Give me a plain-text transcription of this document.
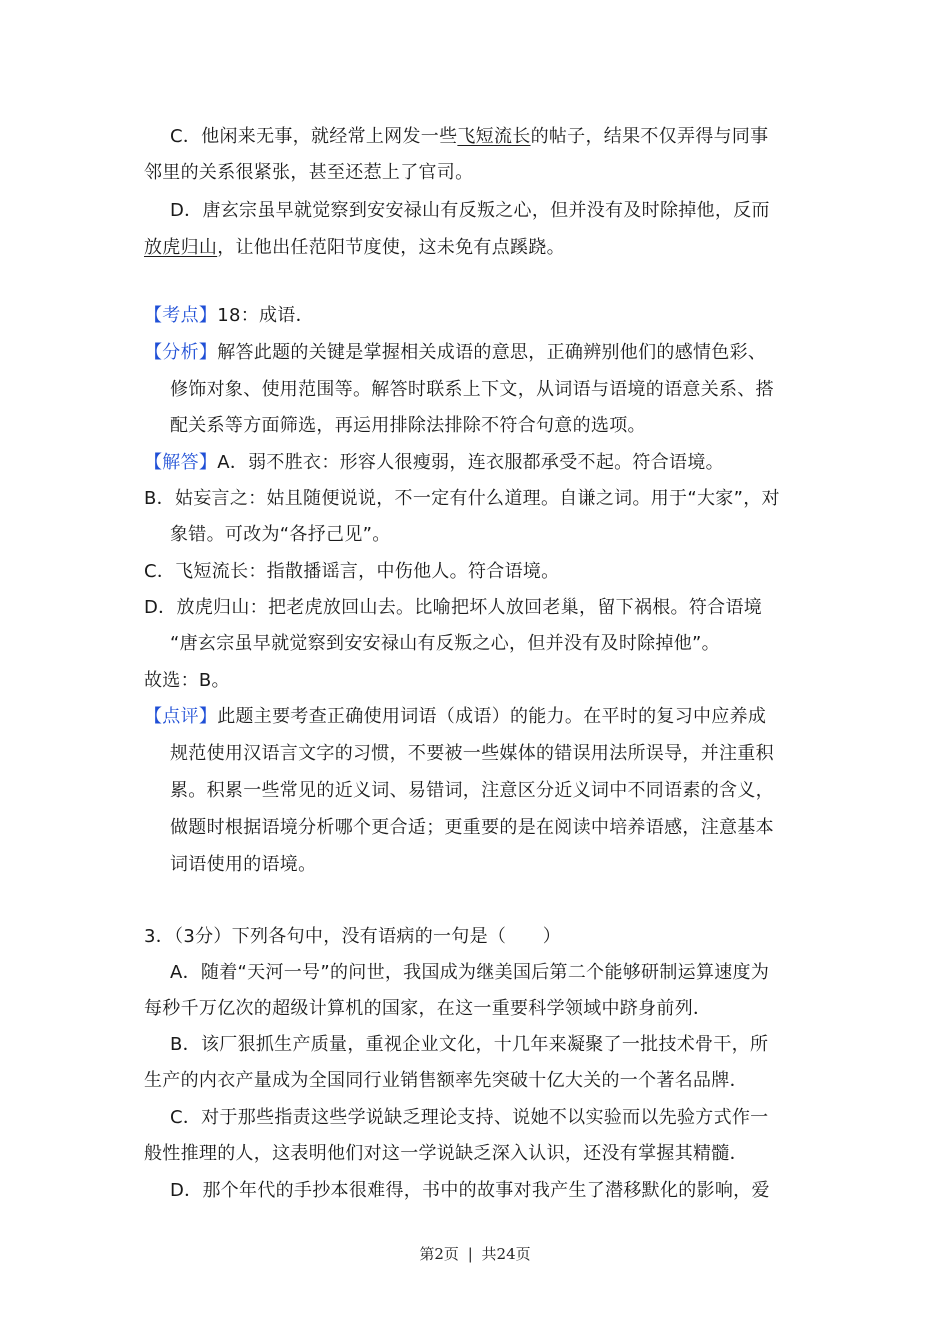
C．他闲来无事，就经常上网发一些飞短流长的帖子，结果不仅弄得与同事
邻里的关系很紧张，甚至还惹上了官司。
D．唐玄宗虽早就觉察到安安禄山有反叛之心，但并没有及时除掉他，反而
放虎归山，让他出任范阳节度使，这未免有点蹊跷。
【考点】18：成语．
【分析】解答此题的关键是掌握相关成语的意思，正确辨别他们的感情色彩、
修饰对象、使用范围等。解答时联系上下文，从词语与语境的语意关系、搭
配关系等方面筛选，再运用排除法排除不符合句意的选项。
【解答】A．弱不胜衣：形容人很瘦弱，连衣服都承受不起。符合语境。
B．姑妄言之：姑且随便说说，不一定有什么道理。自谦之词。用于“大家”，对
象错。可改为“各抒己见”。
C．飞短流长：指散播谣言，中伤他人。符合语境。
D．放虎归山：把老虎放回山去。比喻把坏人放回老巢，留下祸根。符合语境
“唐玄宗虽早就觉察到安安禄山有反叛之心，但并没有及时除掉他”。
故选：B。
【点评】此题主要考查正确使用词语（成语）的能力。在平时的复习中应养成
规范使用汉语言文字的习惯，不要被一些媒体的错误用法所误导，并注重积
累。积累一些常见的近义词、易错词，注意区分近义词中不同语素的含义，
做题时根据语境分析哪个更合适；更重要的是在阅读中培养语感，注意基本
词语使用的语境。
3．（3分）下列各句中，没有语病的一句是（　　）
A．随着“天河一号”的问世，我国成为继美国后第二个能够研制运算速度为
每秒千万亿次的超级计算机的国家，在这一重要科学领域中跻身前列．
B．该厂狠抓生产质量，重视企业文化，十几年来凝聚了一批技术骨干，所
生产的内衣产量成为全国同行业销售额率先突破十亿大关的一个著名品牌．
C．对于那些指责这些学说缺乏理论支持、说她不以实验而以先验方式作一
般性推理的人，这表明他们对这一学说缺乏深入认识，还没有掌握其精髓．
D．那个年代的手抄本很难得，书中的故事对我产生了潜移默化的影响，爱
第2页 | 共24页
